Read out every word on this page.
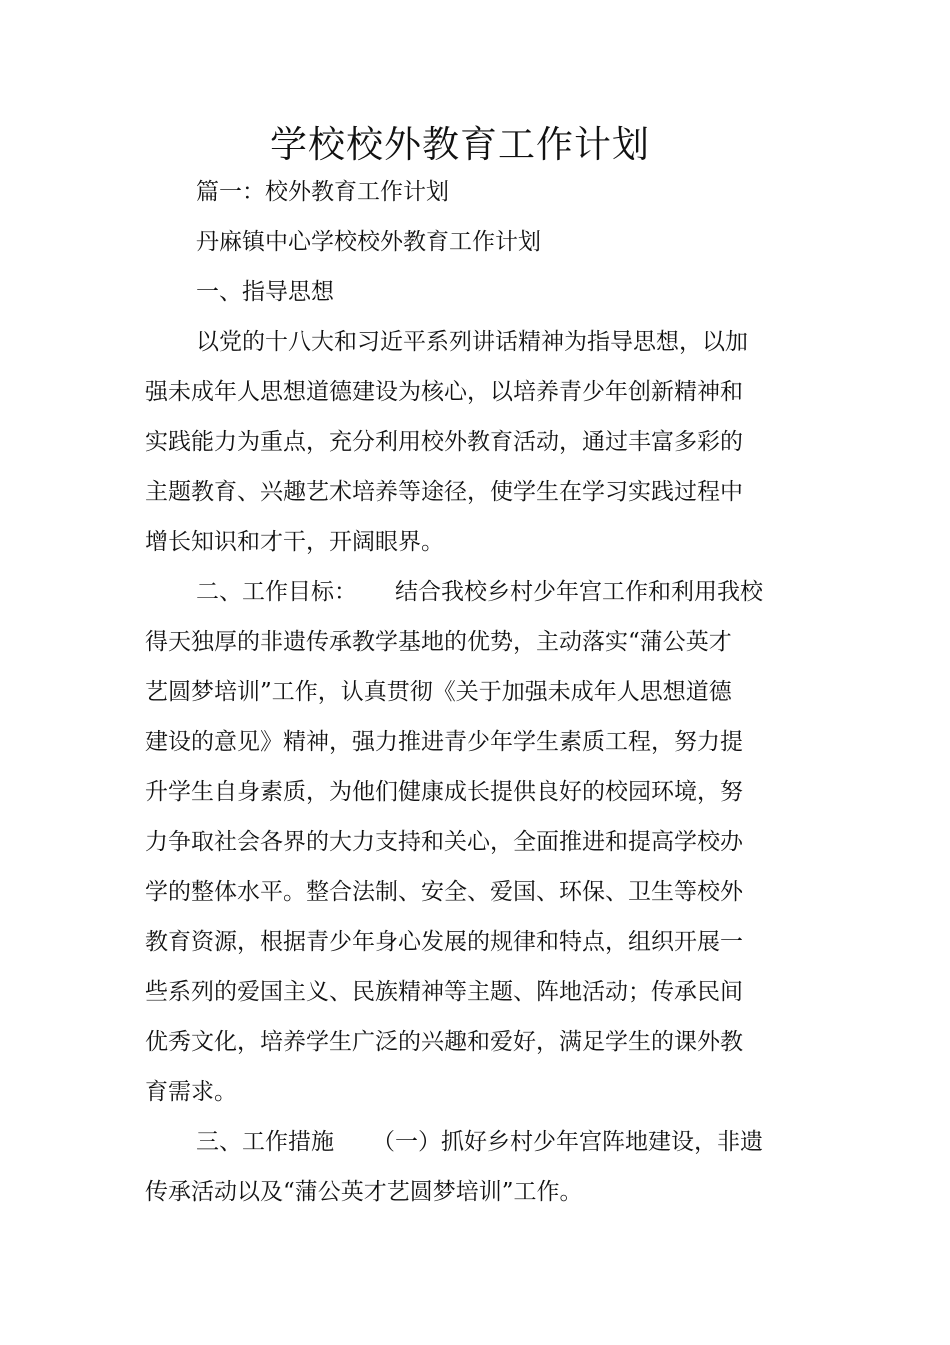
学校校外教育工作计划
篇一：校外教育工作计划
丹麻镇中心学校校外教育工作计划
一、指导思想
以党的十八大和习近平系列讲话精神为指导思想，以加
强未成年人思想道德建设为核心，以培养青少年创新精神和
实践能力为重点，充分利用校外教育活动，通过丰富多彩的
主题教育、兴趣艺术培养等途径，使学生在学习实践过程中
增长知识和才干，开阔眼界。
二、工作目标： 结合我校乡村少年宫工作和利用我校
得天独厚的非遗传承教学基地的优势，主动落实“蒲公英才
艺圆梦培训”工作，认真贯彻《关于加强未成年人思想道德
建设的意见》精神，强力推进青少年学生素质工程，努力提
升学生自身素质，为他们健康成长提供良好的校园环境，努
力争取社会各界的大力支持和关心，全面推进和提高学校办
学的整体水平。整合法制、安全、爱国、环保、卫生等校外
教育资源，根据青少年身心发展的规律和特点，组织开展一
些系列的爱国主义、民族精神等主题、阵地活动；传承民间
优秀文化，培养学生广泛的兴趣和爱好，满足学生的课外教
育需求。
三、工作措施 （一）抓好乡村少年宫阵地建设，非遗
传承活动以及“蒲公英才艺圆梦培训”工作。
